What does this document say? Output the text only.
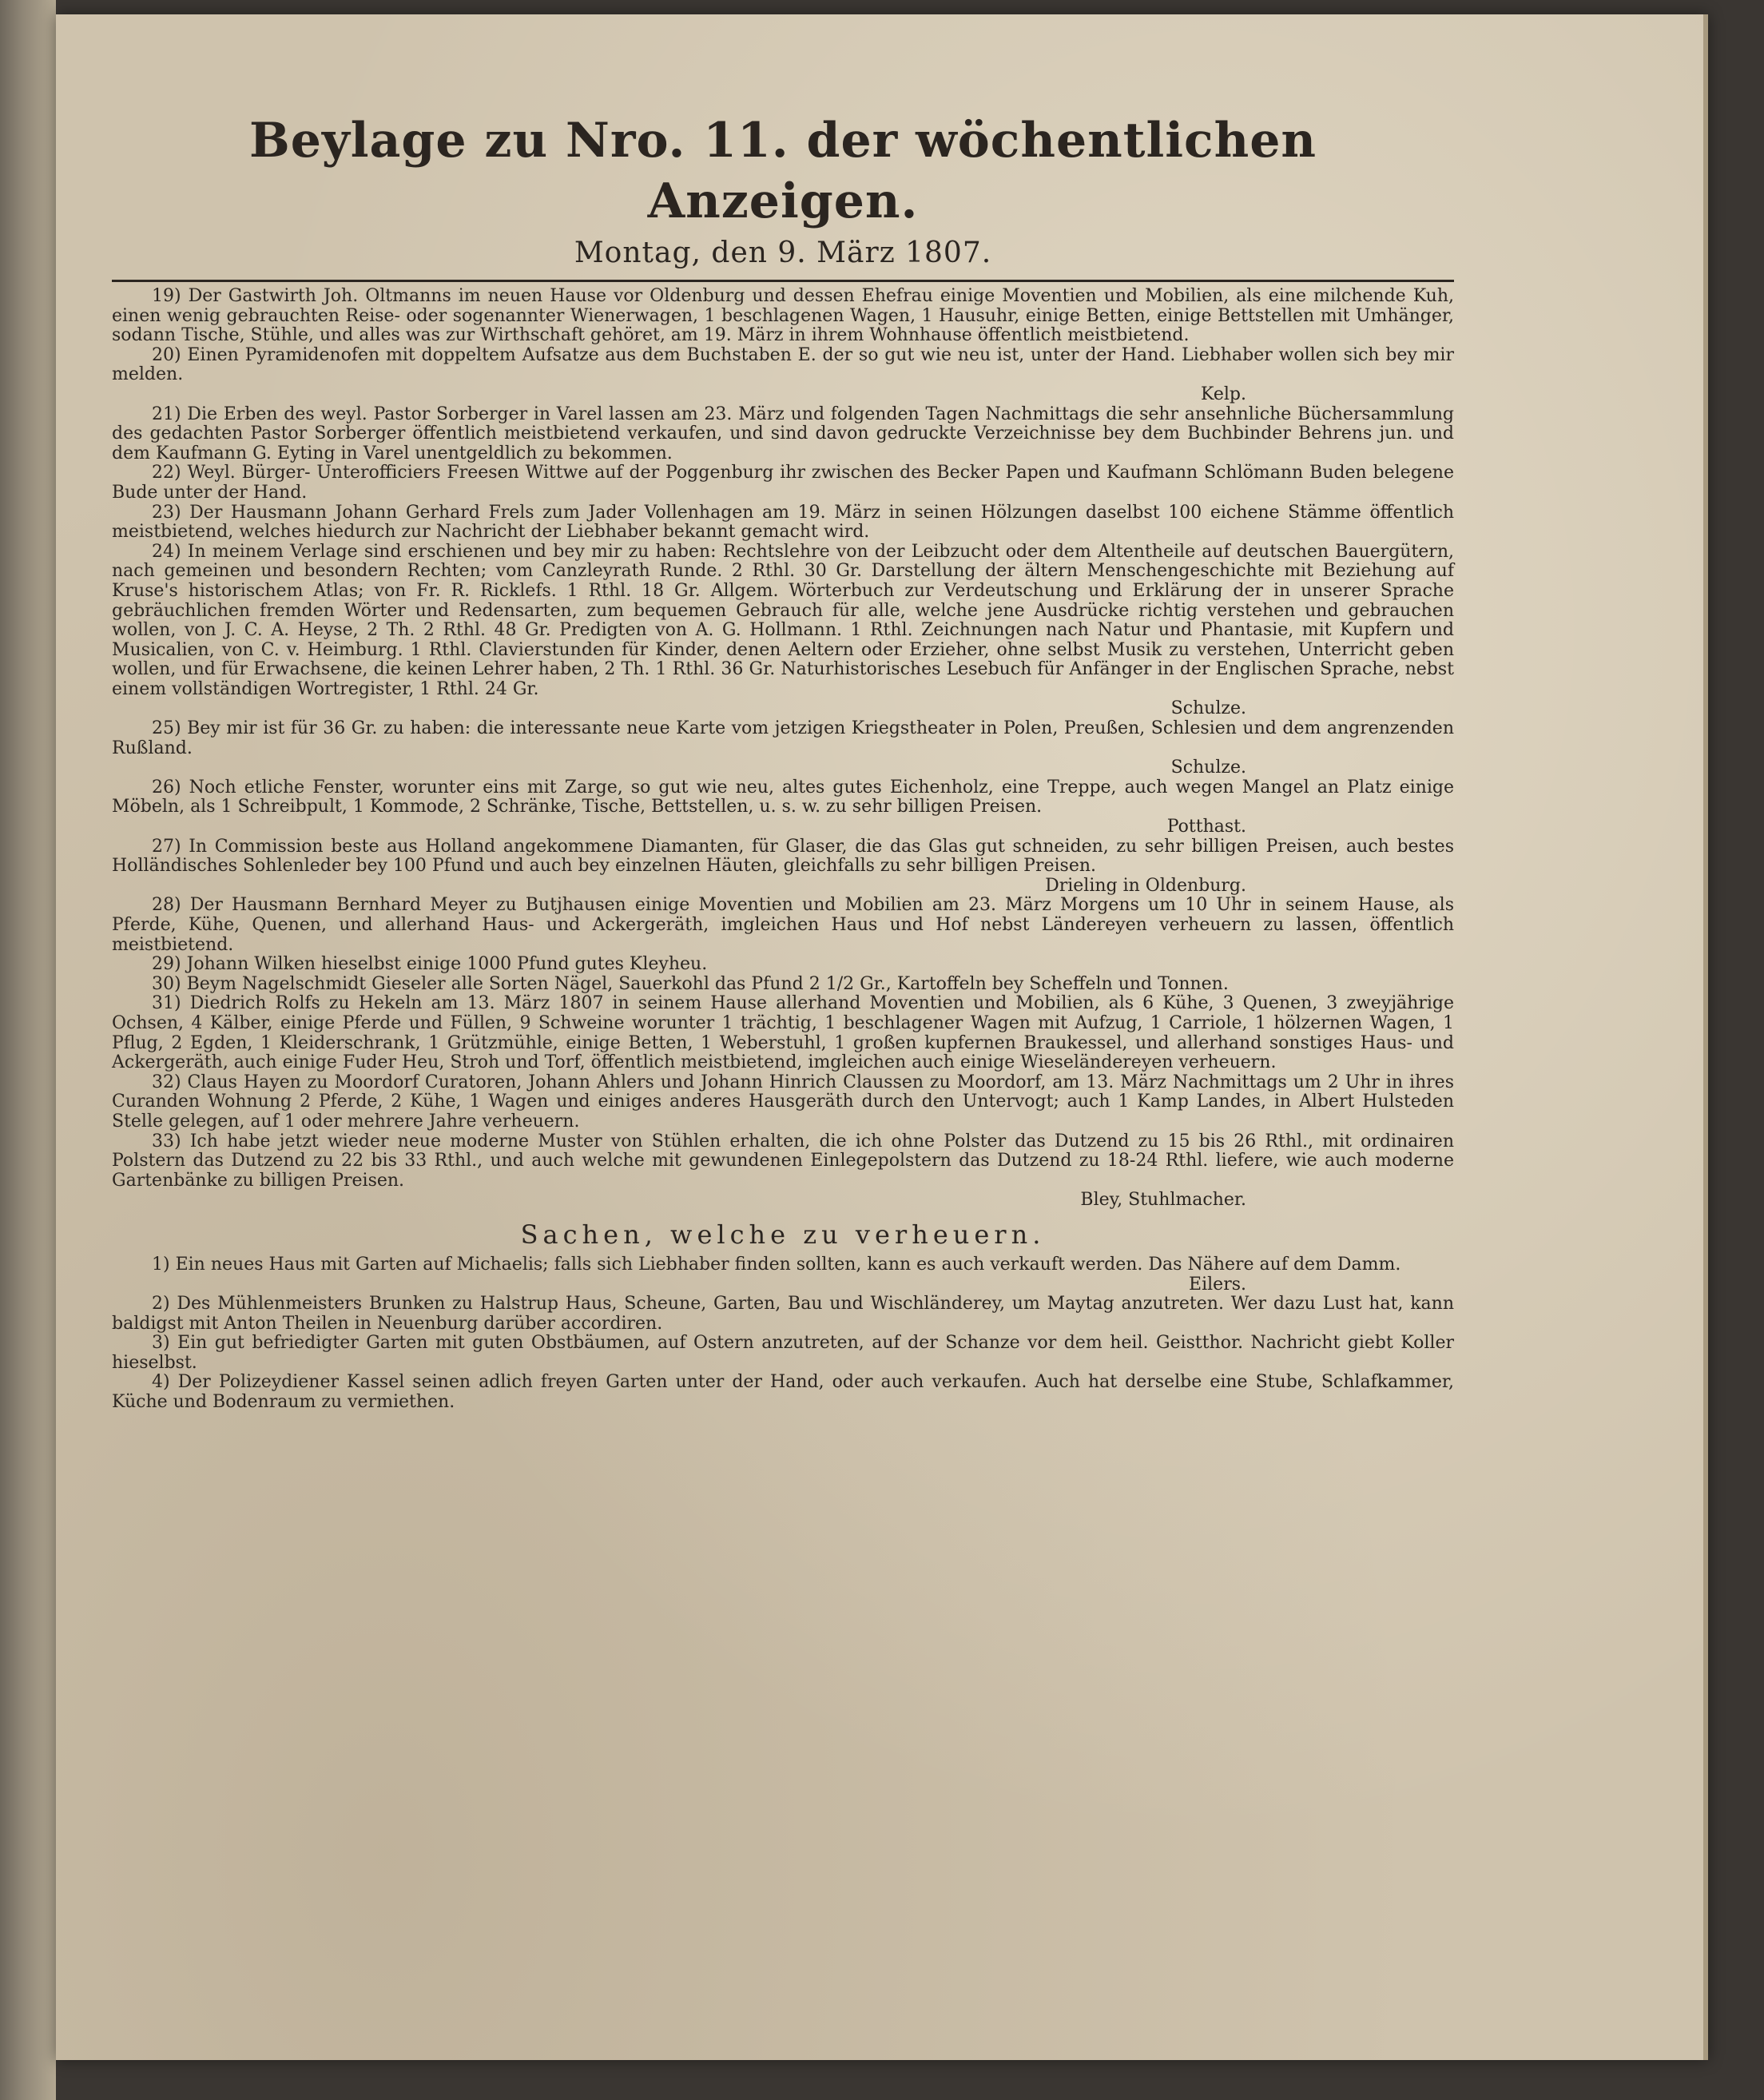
Beylage zu Nro. 11. der wöchentlichen Anzeigen.
Montag, den 9. März 1807.

19) Der Gastwirth Joh. Oltmanns im neuen Hause vor Oldenburg und dessen Ehefrau einige Moventien und Mobilien, als eine milchende Kuh, einen wenig gebrauchten Reise- oder sogenannter Wienerwagen, 1 beschlagenen Wagen, 1 Hausuhr, einige Betten, einige Bettstellen mit Umhänger, sodann Tische, Stühle, und alles was zur Wirthschaft gehöret, am 19. März in ihrem Wohnhause öffentlich meistbietend.

20) Einen Pyramidenofen mit doppeltem Aufsatze aus dem Buchstaben E. der so gut wie neu ist, unter der Hand. Liebhaber wollen sich bey mir melden.
Kelp.

21) Die Erben des weyl. Pastor Sorberger in Varel lassen am 23. März und folgenden Tagen Nachmittags die sehr ansehnliche Büchersammlung des gedachten Pastor Sorberger öffentlich meistbietend verkaufen, und sind davon gedruckte Verzeichnisse bey dem Buchbinder Behrens jun. und dem Kaufmann G. Eyting in Varel unentgeldlich zu bekommen.

22) Weyl. Bürger- Unterofficiers Freesen Wittwe auf der Poggenburg ihr zwischen des Becker Papen und Kaufmann Schlömann Buden belegene Bude unter der Hand.

23) Der Hausmann Johann Gerhard Frels zum Jader Vollenhagen am 19. März in seinen Hölzungen daselbst 100 eichene Stämme öffentlich meistbietend, welches hiedurch zur Nachricht der Liebhaber bekannt gemacht wird.

24) In meinem Verlage sind erschienen und bey mir zu haben: Rechtslehre von der Leibzucht oder dem Altentheile auf deutschen Bauergütern, nach gemeinen und besondern Rechten; vom Canzleyrath Runde. 2 Rthl. 30 Gr. Darstellung der ältern Menschengeschichte mit Beziehung auf Kruse's historischem Atlas; von Fr. R. Ricklefs. 1 Rthl. 18 Gr. Allgem. Wörterbuch zur Verdeutschung und Erklärung der in unserer Sprache gebräuchlichen fremden Wörter und Redensarten, zum bequemen Gebrauch für alle, welche jene Ausdrücke richtig verstehen und gebrauchen wollen, von J. C. A. Heyse, 2 Th. 2 Rthl. 48 Gr. Predigten von A. G. Hollmann. 1 Rthl. Zeichnungen nach Natur und Phantasie, mit Kupfern und Musicalien, von C. v. Heimburg. 1 Rthl. Clavierstunden für Kinder, denen Aeltern oder Erzieher, ohne selbst Musik zu verstehen, Unterricht geben wollen, und für Erwachsene, die keinen Lehrer haben, 2 Th. 1 Rthl. 36 Gr. Naturhistorisches Lesebuch für Anfänger in der Englischen Sprache, nebst einem vollständigen Wortregister, 1 Rthl. 24 Gr.
Schulze.

25) Bey mir ist für 36 Gr. zu haben: die interessante neue Karte vom jetzigen Kriegstheater in Polen, Preußen, Schlesien und dem angrenzenden Rußland.
Schulze.

26) Noch etliche Fenster, worunter eins mit Zarge, so gut wie neu, altes gutes Eichenholz, eine Treppe, auch wegen Mangel an Platz einige Möbeln, als 1 Schreibpult, 1 Kommode, 2 Schränke, Tische, Bettstellen, u. s. w. zu sehr billigen Preisen.
Potthast.

27) In Commission beste aus Holland angekommene Diamanten, für Glaser, die das Glas gut schneiden, zu sehr billigen Preisen, auch bestes Holländisches Sohlenleder bey 100 Pfund und auch bey einzelnen Häuten, gleichfalls zu sehr billigen Preisen.
Drieling in Oldenburg.

28) Der Hausmann Bernhard Meyer zu Butjhausen einige Moventien und Mobilien am 23. März Morgens um 10 Uhr in seinem Hause, als Pferde, Kühe, Quenen, und allerhand Haus- und Ackergeräth, imgleichen Haus und Hof nebst Ländereyen verheuern zu lassen, öffentlich meistbietend.

29) Johann Wilken hieselbst einige 1000 Pfund gutes Kleyheu.

30) Beym Nagelschmidt Gieseler alle Sorten Nägel, Sauerkohl das Pfund 2 1/2 Gr., Kartoffeln bey Scheffeln und Tonnen.

31) Diedrich Rolfs zu Hekeln am 13. März 1807 in seinem Hause allerhand Moventien und Mobilien, als 6 Kühe, 3 Quenen, 3 zweyjährige Ochsen, 4 Kälber, einige Pferde und Füllen, 9 Schweine worunter 1 trächtig, 1 beschlagener Wagen mit Aufzug, 1 Carriole, 1 hölzernen Wagen, 1 Pflug, 2 Egden, 1 Kleiderschrank, 1 Grützmühle, einige Betten, 1 Weberstuhl, 1 großen kupfernen Braukessel, und allerhand sonstiges Haus- und Ackergeräth, auch einige Fuder Heu, Stroh und Torf, öffentlich meistbietend, imgleichen auch einige Wieseländereyen verheuern.

32) Claus Hayen zu Moordorf Curatoren, Johann Ahlers und Johann Hinrich Claussen zu Moordorf, am 13. März Nachmittags um 2 Uhr in ihres Curanden Wohnung 2 Pferde, 2 Kühe, 1 Wagen und einiges anderes Hausgeräth durch den Untervogt; auch 1 Kamp Landes, in Albert Hulsteden Stelle gelegen, auf 1 oder mehrere Jahre verheuern.

33) Ich habe jetzt wieder neue moderne Muster von Stühlen erhalten, die ich ohne Polster das Dutzend zu 15 bis 26 Rthl., mit ordinairen Polstern das Dutzend zu 22 bis 33 Rthl., und auch welche mit gewundenen Einlegepolstern das Dutzend zu 18-24 Rthl. liefere, wie auch moderne Gartenbänke zu billigen Preisen.
Bley, Stuhlmacher.

Sachen, welche zu verheuern.

1) Ein neues Haus mit Garten auf Michaelis; falls sich Liebhaber finden sollten, kann es auch verkauft werden. Das Nähere auf dem Damm.
Eilers.

2) Des Mühlenmeisters Brunken zu Halstrup Haus, Scheune, Garten, Bau und Wischländerey, um Maytag anzutreten. Wer dazu Lust hat, kann baldigst mit Anton Theilen in Neuenburg darüber accordiren.

3) Ein gut befriedigter Garten mit guten Obstbäumen, auf Ostern anzutreten, auf der Schanze vor dem heil. Geistthor. Nachricht giebt Koller hieselbst.

4) Der Polizeydiener Kassel seinen adlich freyen Garten unter der Hand, oder auch verkaufen. Auch hat derselbe eine Stube, Schlafkammer, Küche und Bodenraum zu vermiethen.
